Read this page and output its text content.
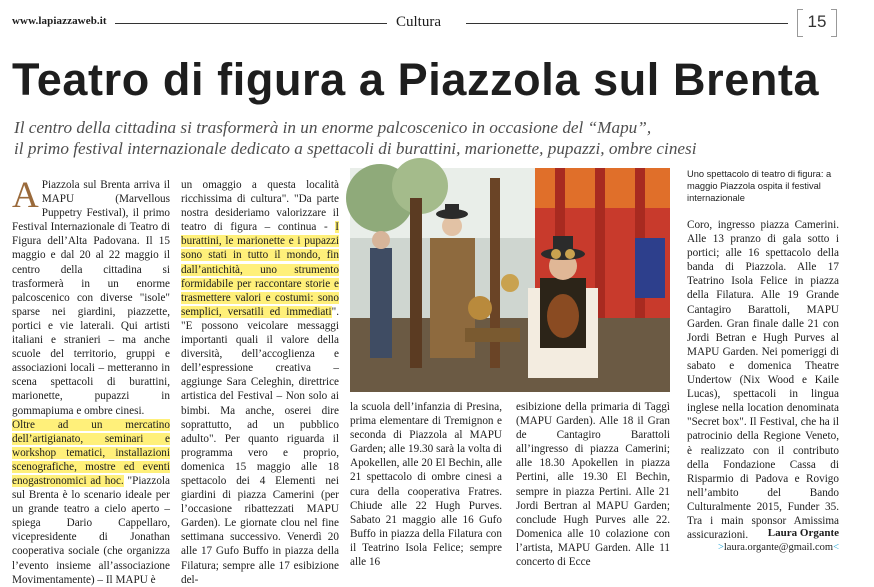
www.lapiazzaweb.it	Cultura	15
Teatro di figura a Piazzola sul Brenta
Il centro della cittadina si trasformerà in un enorme palcoscenico in occasione del “Mapu”,
il primo festival internazionale dedicato a spettacoli di burattini, marionette, pupazzi, ombre cinesi

A Piazzola sul Brenta arriva il MAPU (Marvellous Puppetry Festival), il primo Festival Internazionale di Teatro di Figura dell’Alta Padovana. Il 15 maggio e dal 20 al 22 maggio il centro della cittadina si trasformerà in un enorme palcoscenico con diverse "isole" sparse nei giardini, piazzette, portici e vie laterali. Qui artisti italiani e stranieri – ma anche scuole del territorio, gruppi e associazioni locali – metteranno in scena spettacoli di burattini, marionette, pupazzi in gommapiuma e ombre cinesi.

Oltre ad un mercatino dell’artigianato, seminari e workshop tematici, installazioni scenografiche, mostre ed eventi enogastronomici ad hoc. "Piazzola sul Brenta è lo scenario ideale per un grande teatro a cielo aperto – spiega Dario Cappellaro, vicepresidente di Jonathan cooperativa sociale (che organizza l’evento insieme all’associazione Movimentamente) – Il MAPU è

un omaggio a questa località ricchissima di cultura". "Da parte nostra desideriamo valorizzare il teatro di figura – continua - I burattini, le marionette e i pupazzi sono stati in tutto il mondo, fin dall’antichità, uno strumento formidabile per raccontare storie e trasmettere valori e costumi: sono semplici, versatili ed immediati". "E possono veicolare messaggi importanti quali il valore della diversità, dell’accoglienza e dell’espressione creativa – aggiunge Sara Celeghin, direttrice artistica del Festival – Non solo ai bimbi. Ma anche, oserei dire soprattutto, ad un pubblico adulto". Per quanto riguarda il programma vero e proprio, domenica 15 maggio alle 18 spettacolo dei 4 Elementi nei giardini di piazza Camerini (per l’occasione ribattezzati MAPU Garden). Le giornate clou nel fine settimana successivo. Venerdì 20 alle 17 Gufo Buffo in piazza della Filatura; sempre alle 17 esibizione del-

Uno spettacolo di teatro di figura: a maggio Piazzola ospita il festival internazionale

la scuola dell’infanzia di Presina, prima elementare di Tremignon e seconda di Piazzola al MAPU Garden; alle 19.30 sarà la volta di Apokellen, alle 20 El Bechin, alle 21 spettacolo di ombre cinesi a cura della cooperativa Fratres. Chiude alle 22 Hugh Purves. Sabato 21 maggio alle 16 Gufo Buffo in piazza della Filatura con il Teatrino Isola Felice; sempre alle 16

esibizione della primaria di Taggì (MAPU Garden). Alle 18 il Gran de Cantagiro Barattoli all’ingresso di piazza Camerini; alle 18.30 Apokellen in piazza Pertini, alle 19.30 El Bechin, sempre in piazza Pertini. Alle 21 Jordi Bertran al MAPU Garden; conclude Hugh Purves alle 22. Domenica alle 10 colazione con l’artista, MAPU Garden. Alle 11 concerto di Ecce

Coro, ingresso piazza Camerini. Alle 13 pranzo di gala sotto i portici; alle 16 spettacolo della banda di Piazzola. Alle 17 Teatrino Isola Felice in piazza della Filatura. Alle 19 Grande Cantagiro Barattoli, MAPU Garden. Gran finale dalle 21 con Jordi Betran e Hugh Purves al MAPU Garden. Nei pomeriggi di sabato e domenica Theatre Undertow (Nix Wood e Kaile Lucas), spettacoli in lingua inglese nella location denominata "Secret box". Il Festival, che ha il patrocinio della Regione Veneto, è realizzato con il contributo della Fondazione Cassa di Risparmio di Padova e Rovigo nell’ambito del Bando Culturalmente 2015, Funder 35. Tra i main sponsor Amissima assicurazioni.	Laura Organte
>laura.organte@gmail.com<
